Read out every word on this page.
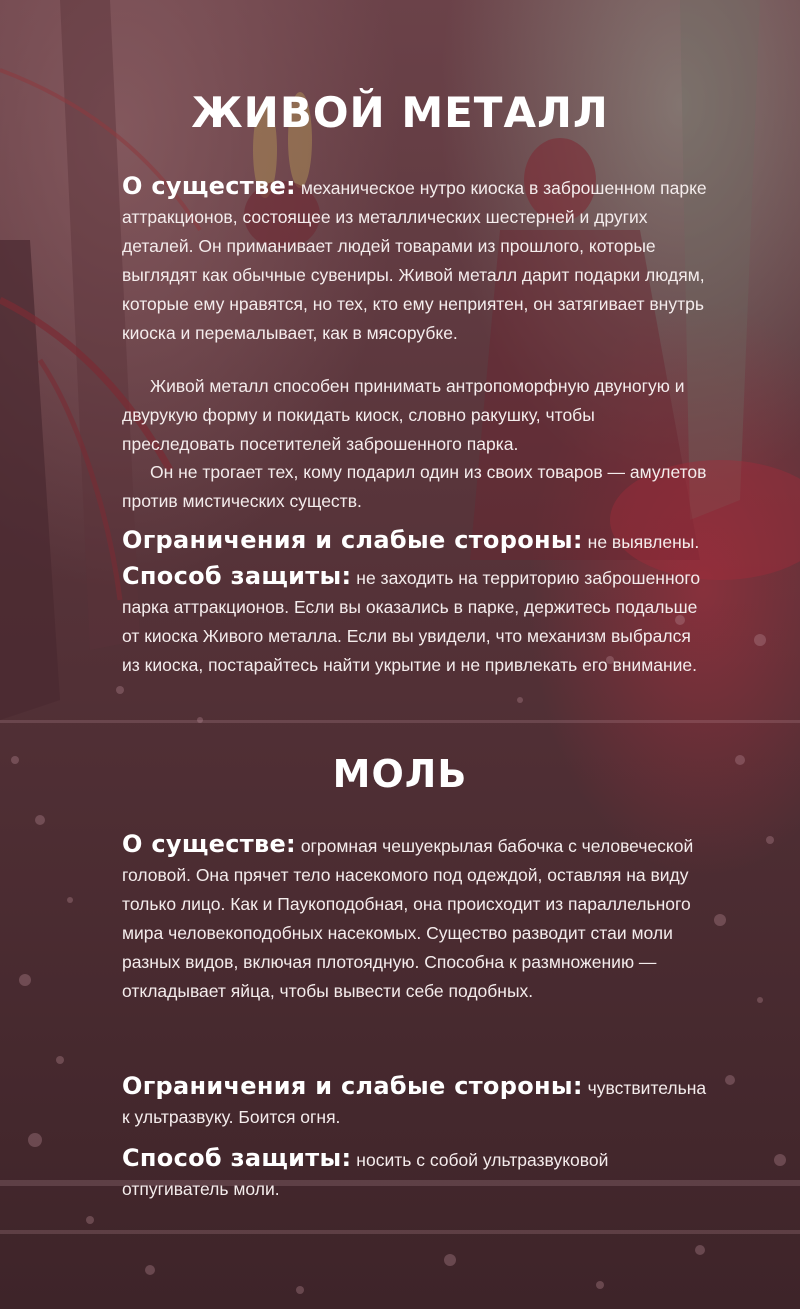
ЖИВОЙ МЕТАЛЛ

О существе: механическое нутро киоска в заброшенном парке аттракционов, состоящее из металлических шестерней и других деталей. Он приманивает людей товарами из прошлого, которые выглядят как обычные сувениры. Живой металл дарит подарки людям, которые ему нравятся, но тех, кто ему неприятен, он затягивает внутрь киоска и перемалывает, как в мясорубке.

Живой металл способен принимать антропоморфную двуногую и двурукую форму и покидать киоск, словно ракушку, чтобы преследовать посетителей заброшенного парка.

Он не трогает тех, кому подарил один из своих товаров — амулетов против мистических существ.

Ограничения и слабые стороны: не выявлены.

Способ защиты: не заходить на территорию заброшенного парка аттракционов. Если вы оказались в парке, держитесь подальше от киоска Живого металла. Если вы увидели, что механизм выбрался из киоска, постарайтесь найти укрытие и не привлекать его внимание.

МОЛЬ

О существе: огромная чешуекрылая бабочка с человеческой головой. Она прячет тело насекомого под одеждой, оставляя на виду только лицо. Как и Паукоподобная, она происходит из параллельного мира человекоподобных насекомых. Существо разводит стаи моли разных видов, включая плотоядную. Способна к размножению — откладывает яйца, чтобы вывести себе подобных.

Ограничения и слабые стороны: чувствительна к ультразвуку. Боится огня.

Способ защиты: носить с собой ультразвуковой отпугиватель моли.
